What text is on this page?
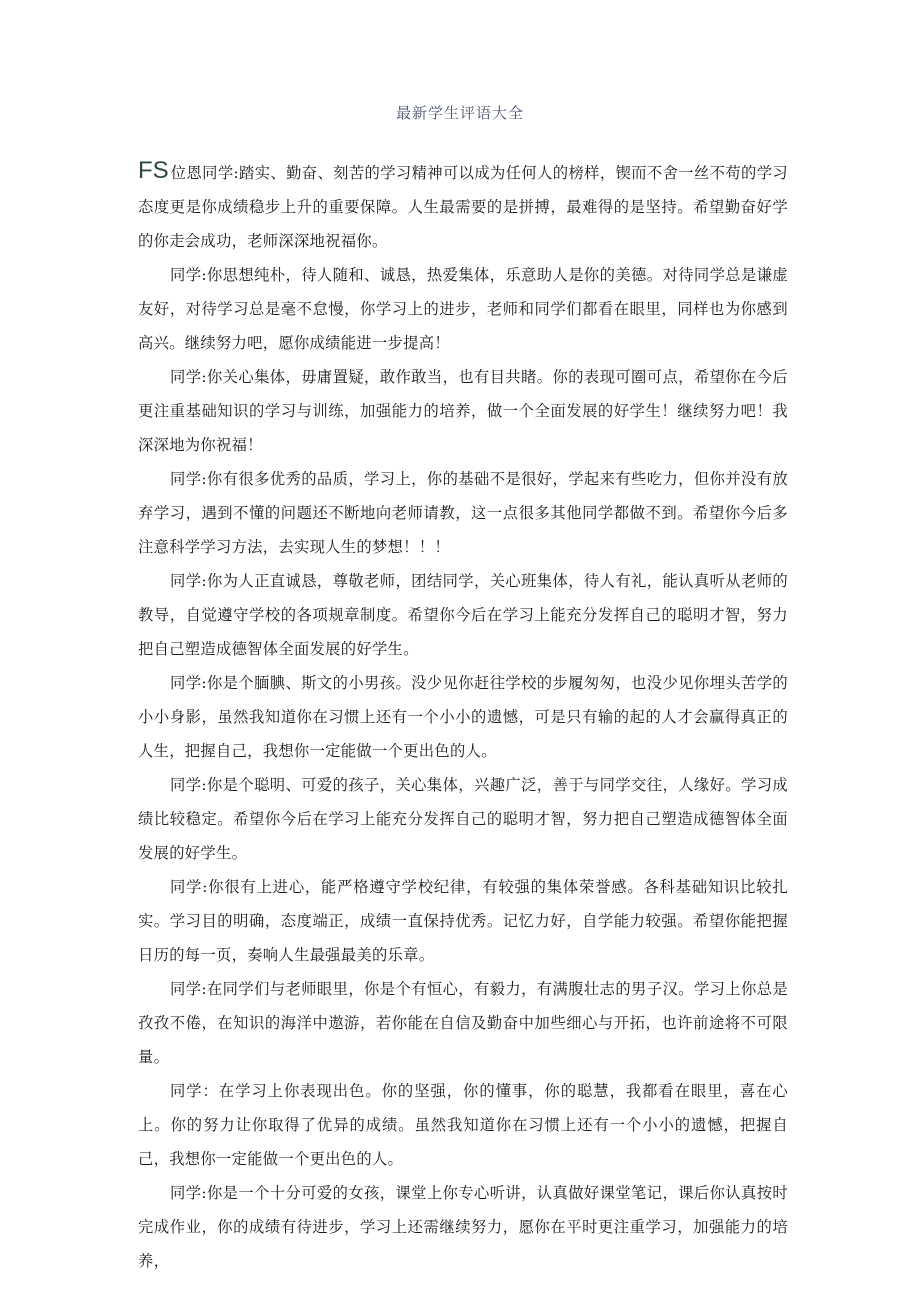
最新学生评语大全

FS 位恩同学:踏实、勤奋、刻苦的学习精神可以成为任何人的榜样，锲而不舍一丝不苟的学习态度更是你成绩稳步上升的重要保障。人生最需要的是拼搏，最难得的是坚持。希望勤奋好学的你走会成功，老师深深地祝福你。

同学:你思想纯朴，待人随和、诚恳，热爱集体，乐意助人是你的美德。对待同学总是谦虚友好，对待学习总是毫不怠慢，你学习上的进步，老师和同学们都看在眼里，同样也为你感到高兴。继续努力吧，愿你成绩能进一步提高！

同学:你关心集体，毋庸置疑，敢作敢当，也有目共睹。你的表现可圈可点，希望你在今后更注重基础知识的学习与训练，加强能力的培养，做一个全面发展的好学生！继续努力吧！我深深地为你祝福！

同学:你有很多优秀的品质，学习上，你的基础不是很好，学起来有些吃力，但你并没有放弃学习，遇到不懂的问题还不断地向老师请教，这一点很多其他同学都做不到。希望你今后多注意科学学习方法，去实现人生的梦想！！！

同学:你为人正直诚恳，尊敬老师，团结同学，关心班集体，待人有礼，能认真听从老师的教导，自觉遵守学校的各项规章制度。希望你今后在学习上能充分发挥自己的聪明才智，努力把自己塑造成德智体全面发展的好学生。

同学:你是个腼腆、斯文的小男孩。没少见你赶往学校的步履匆匆，也没少见你埋头苦学的小小身影，虽然我知道你在习惯上还有一个小小的遗憾，可是只有输的起的人才会赢得真正的人生，把握自己，我想你一定能做一个更出色的人。

同学:你是个聪明、可爱的孩子，关心集体，兴趣广泛，善于与同学交往，人缘好。学习成绩比较稳定。希望你今后在学习上能充分发挥自己的聪明才智，努力把自己塑造成德智体全面发展的好学生。

同学:你很有上进心，能严格遵守学校纪律，有较强的集体荣誉感。各科基础知识比较扎实。学习目的明确，态度端正，成绩一直保持优秀。记忆力好，自学能力较强。希望你能把握日历的每一页，奏响人生最强最美的乐章。

同学:在同学们与老师眼里，你是个有恒心，有毅力，有满腹壮志的男子汉。学习上你总是孜孜不倦，在知识的海洋中遨游，若你能在自信及勤奋中加些细心与开拓，也许前途将不可限量。

同学：在学习上你表现出色。你的坚强，你的懂事，你的聪慧，我都看在眼里，喜在心上。你的努力让你取得了优异的成绩。虽然我知道你在习惯上还有一个小小的遗憾，把握自己，我想你一定能做一个更出色的人。

同学:你是一个十分可爱的女孩，课堂上你专心听讲，认真做好课堂笔记，课后你认真按时完成作业，你的成绩有待进步，学习上还需继续努力，愿你在平时更注重学习，加强能力的培养，
